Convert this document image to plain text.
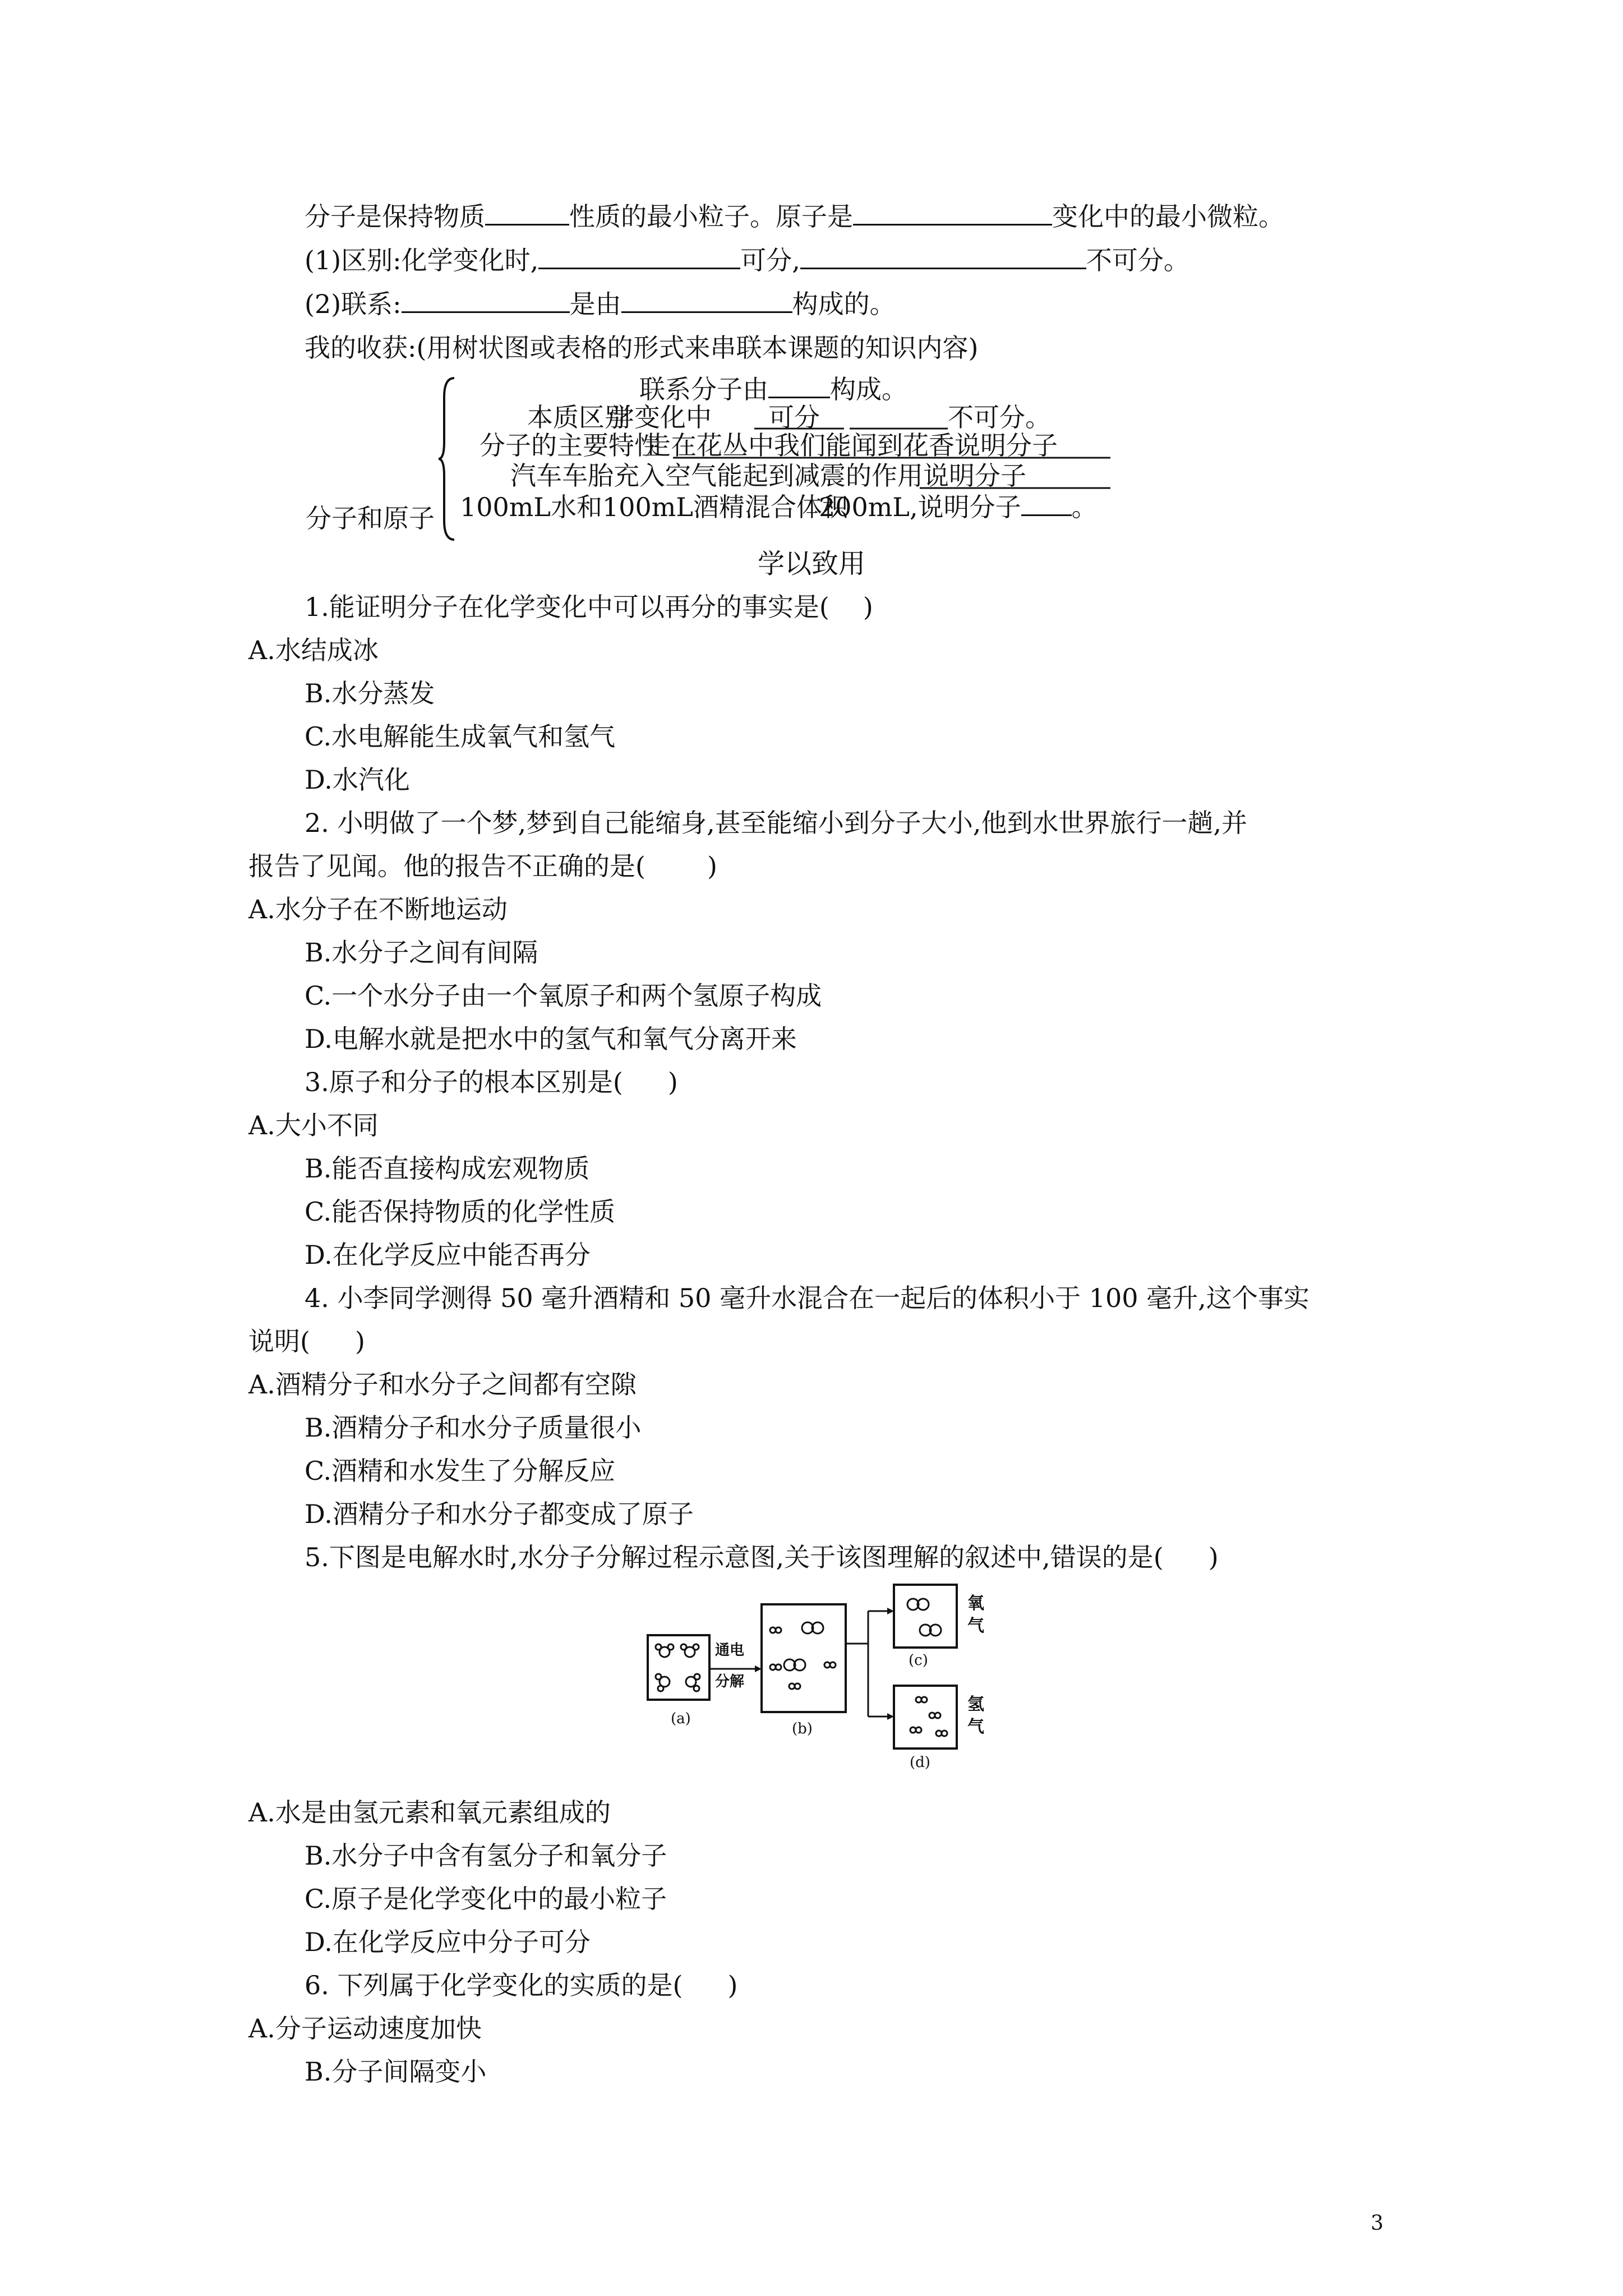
分子是保持物质	性质的最小粒子。原子是	变化中的最小微粒。
(1)区别:化学变化时,	可分,	不可分。
(2)联系:	是由	构成的。
我的收获:(用树状图或表格的形式来串联本课题的知识内容)
分子和原子
联系分子由 构成。
本质区别
学变化中 可分	不可分。
分子的主要特性
走在花丛中我们能闻到花香说明分子
汽车车胎充入空气能起到减震的作用说明分子
100mL水和100mL酒精混合体积
200mL,说明分子 。
学以致用
1.能证明分子在化学变化中可以再分的事实是( )
A.水结成冰
B.水分蒸发
C.水电解能生成氧气和氢气
D.水汽化
2. 小明做了一个梦,梦到自己能缩身,甚至能缩小到分子大小,他到水世界旅行一趟,并
报告了见闻。他的报告不正确的是( )
A.水分子在不断地运动
B.水分子之间有间隔
C.一个水分子由一个氧原子和两个氢原子构成
D.电解水就是把水中的氢气和氧气分离开来
3.原子和分子的根本区别是( )
A.大小不同
B.能否直接构成宏观物质
C.能否保持物质的化学性质
D.在化学反应中能否再分
4. 小李同学测得 50 毫升酒精和 50 毫升水混合在一起后的体积小于 100 毫升,这个事实
说明( )
A.酒精分子和水分子之间都有空隙
B.酒精分子和水分子质量很小
C.酒精和水发生了分解反应
D.酒精分子和水分子都变成了原子
5.下图是电解水时,水分子分解过程示意图,关于该图理解的叙述中,错误的是( )
(a)
通电
分解
(b)
(c)
氧
气
(d)
氢
气
A.水是由氢元素和氧元素组成的
B.水分子中含有氢分子和氧分子
C.原子是化学变化中的最小粒子
D.在化学反应中分子可分
6. 下列属于化学变化的实质的是( )
A.分子运动速度加快
B.分子间隔变小
3
